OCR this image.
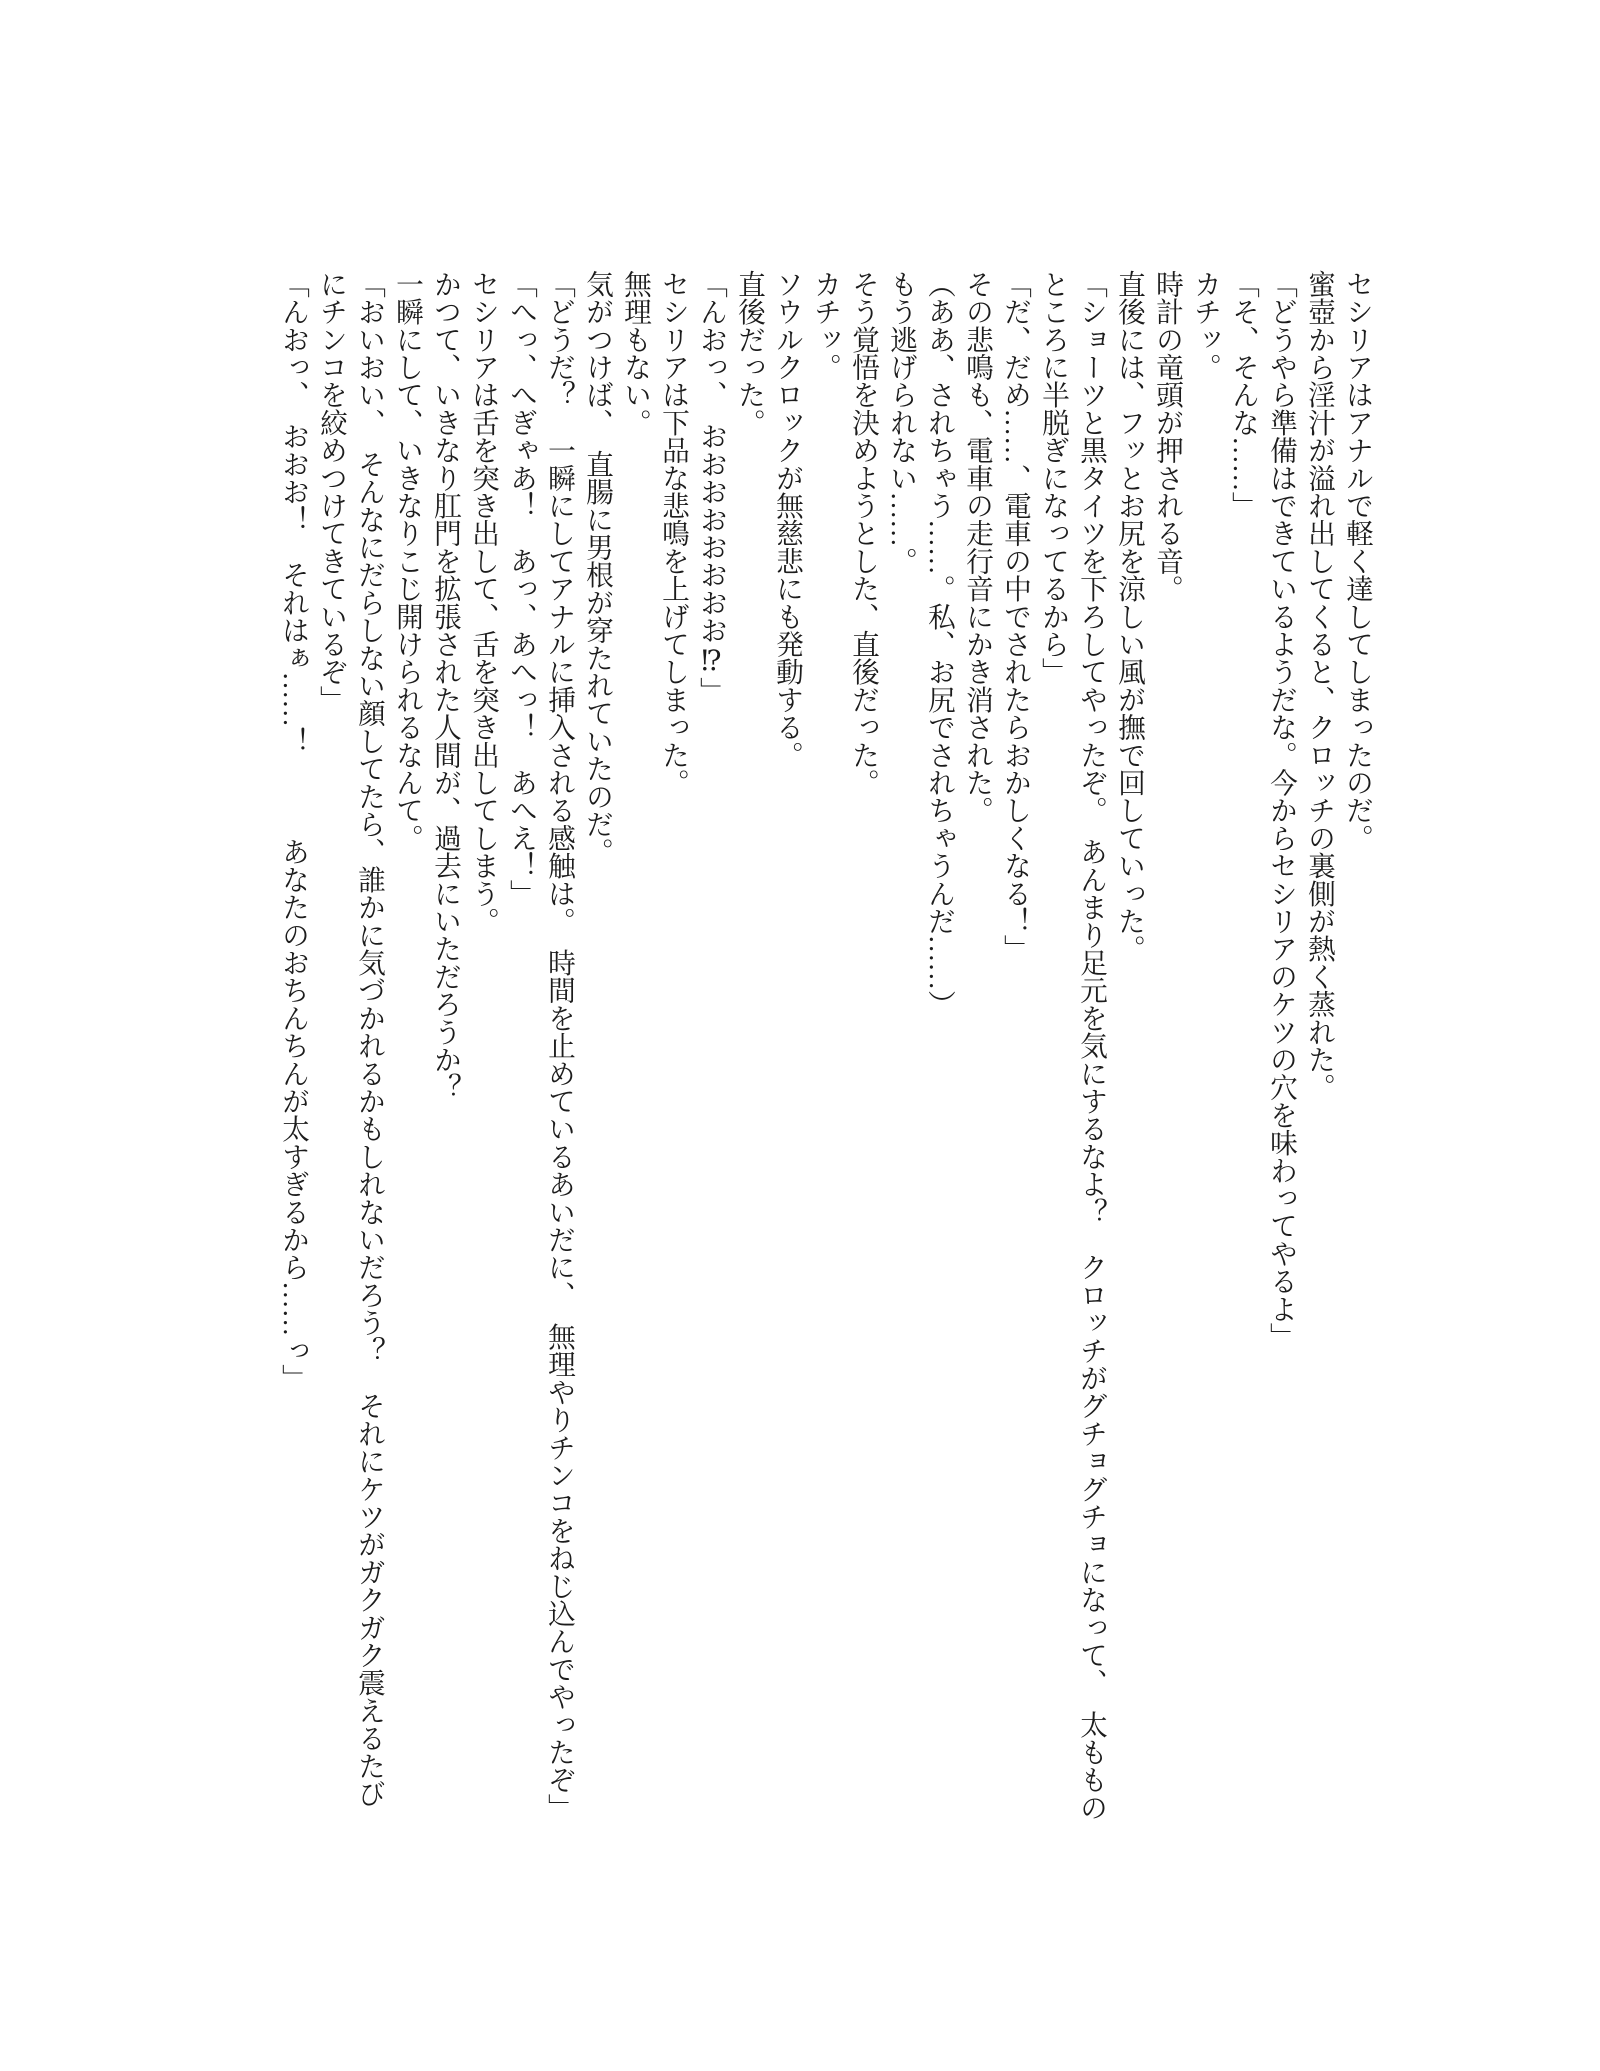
セシリアはアナルで軽く達してしまったのだ。

蜜壺から淫汁が溢れ出してくると、クロッチの裏側が熱く蒸れた。

「どうやら準備はできているようだな。今からセシリアのケツの穴を味わってやるよ」

「そ、そんな……」

カチッ。

時計の竜頭が押される音。

直後には、フッとお尻を涼しい風が撫で回していった。

「ショーツと黒タイツを下ろしてやったぞ。　あんまり足元を気にするなよ？　クロッチがグチョグチョになって、　太ももの

ところに半脱ぎになってるから」

「だ、だめ……、電車の中でされたらおかしくなる！」

その悲鳴も、電車の走行音にかき消された。

（ああ、されちゃう……。私、お尻でされちゃうんだ……）

もう逃げられない……。

そう覚悟を決めようとした、直後だった。

カチッ。

ソウルクロックが無慈悲にも発動する。

直後だった。

「んおっ、　おおおおおおおお⁉」

セシリアは下品な悲鳴を上げてしまった。

無理もない。

気がつけば、　直腸に男根が穿たれていたのだ。

「どうだ？　一瞬にしてアナルに挿入される感触は。　時間を止めているあいだに、　無理やりチンコをねじ込んでやったぞ」

「へっ、へぎゃあ！　あっ、あへっ！　あへえ！」

セシリアは舌を突き出して、舌を突き出してしまう。

かつて、いきなり肛門を拡張された人間が、過去にいただろうか？

一瞬にして、いきなりこじ開けられるなんて。

「おいおい、　そんなにだらしない顔してたら、誰かに気づかれるかもしれないだろう？　それにケツがガクガク震えるたび

にチンコを絞めつけてきているぞ」

「んおっ、　おおお！　それはぁ……！　　　あなたのおちんちんが太すぎるから……っ」
